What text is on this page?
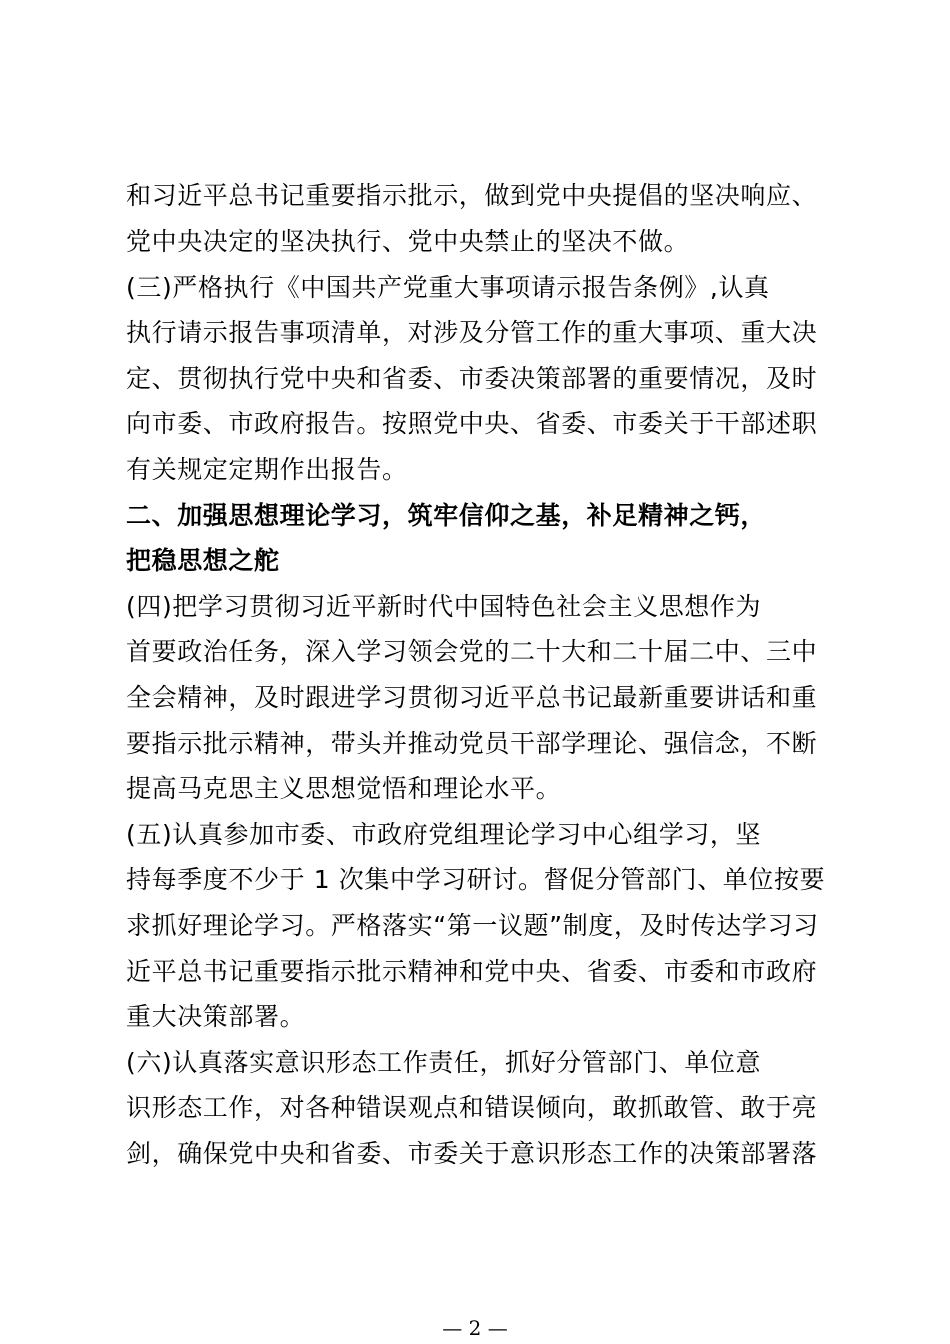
和习近平总书记重要指示批示，做到党中央提倡的坚决响应、
党中央决定的坚决执行、党中央禁止的坚决不做。
(三)严格执行《中国共产党重大事项请示报告条例》,认真
执行请示报告事项清单，对涉及分管工作的重大事项、重大决
定、贯彻执行党中央和省委、市委决策部署的重要情况，及时
向市委、市政府报告。按照党中央、省委、市委关于干部述职
有关规定定期作出报告。
二、加强思想理论学习，筑牢信仰之基，补足精神之钙，
把稳思想之舵
(四)把学习贯彻习近平新时代中国特色社会主义思想作为
首要政治任务，深入学习领会党的二十大和二十届二中、三中
全会精神，及时跟进学习贯彻习近平总书记最新重要讲话和重
要指示批示精神，带头并推动党员干部学理论、强信念，不断
提高马克思主义思想觉悟和理论水平。
(五)认真参加市委、市政府党组理论学习中心组学习，坚
持每季度不少于 1 次集中学习研讨。督促分管部门、单位按要
求抓好理论学习。严格落实“第一议题”制度，及时传达学习习
近平总书记重要指示批示精神和党中央、省委、市委和市政府
重大决策部署。
(六)认真落实意识形态工作责任，抓好分管部门、单位意
识形态工作，对各种错误观点和错误倾向，敢抓敢管、敢于亮
剑，确保党中央和省委、市委关于意识形态工作的决策部署落
— 2 —
